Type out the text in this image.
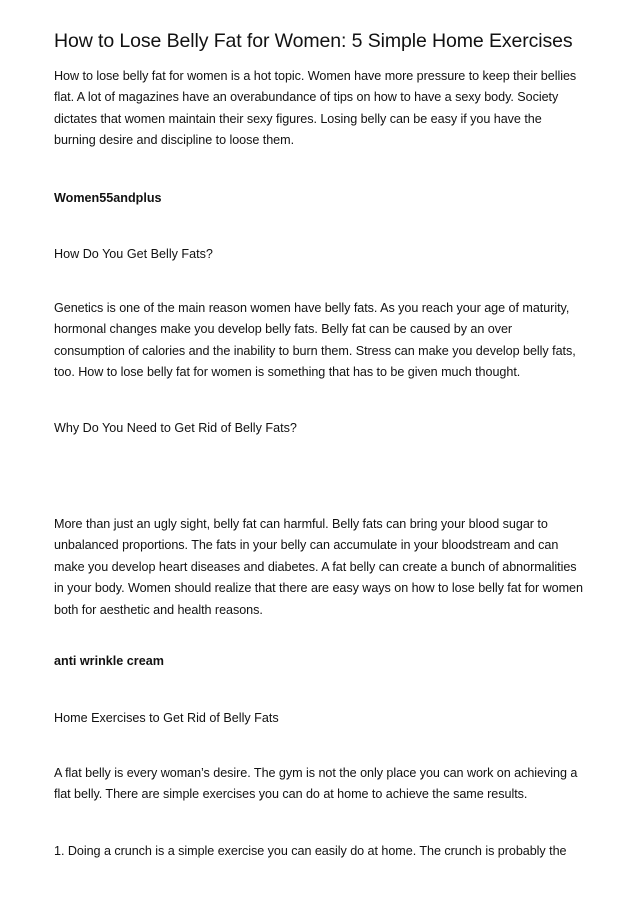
How to Lose Belly Fat for Women: 5 Simple Home Exercises

How to lose belly fat for women is a hot topic. Women have more pressure to keep their bellies flat. A lot of magazines have an overabundance of tips on how to have a sexy body. Society dictates that women maintain their sexy figures. Losing belly can be easy if you have the burning desire and discipline to loose them.

Women55andplus

How Do You Get Belly Fats?

Genetics is one of the main reason women have belly fats. As you reach your age of maturity, hormonal changes make you develop belly fats. Belly fat can be caused by an over consumption of calories and the inability to burn them. Stress can make you develop belly fats, too. How to lose belly fat for women is something that has to be given much thought.

Why Do You Need to Get Rid of Belly Fats?

More than just an ugly sight, belly fat can harmful. Belly fats can bring your blood sugar to unbalanced proportions. The fats in your belly can accumulate in your bloodstream and can make you develop heart diseases and diabetes. A fat belly can create a bunch of abnormalities in your body. Women should realize that there are easy ways on how to lose belly fat for women both for aesthetic and health reasons.

anti wrinkle cream

Home Exercises to Get Rid of Belly Fats

A flat belly is every woman’s desire. The gym is not the only place you can work on achieving a flat belly. There are simple exercises you can do at home to achieve the same results.

1. Doing a crunch is a simple exercise you can easily do at home. The crunch is probably the
